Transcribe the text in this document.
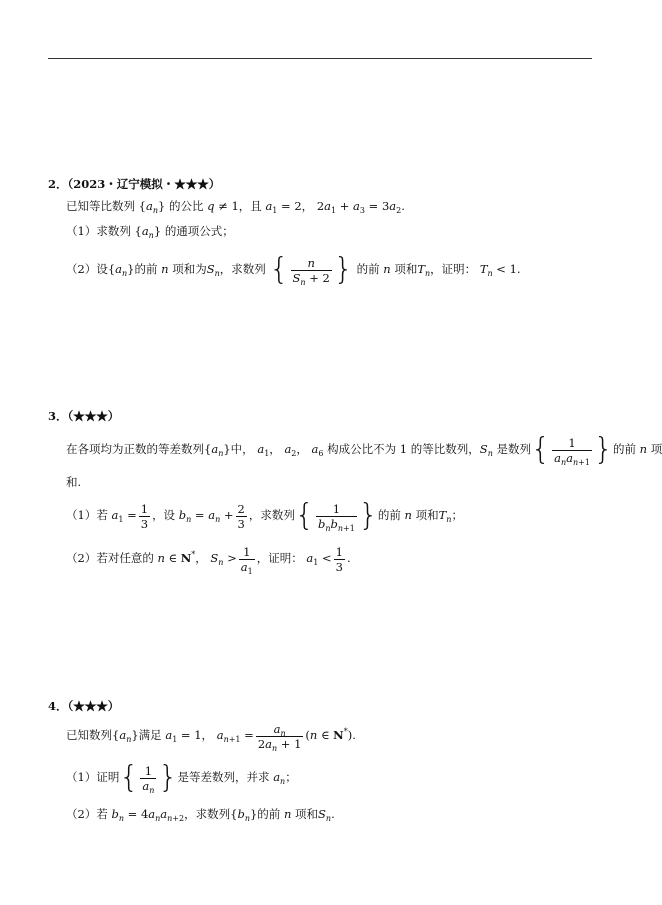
2．（2023・辽宁模拟・★★★）
已知等比数列 $\{a_n\}$ 的公比 q ≠ 1，且 $a_1 = 2$， $2a_1 + a_3 = 3a_2$.
（1）求数列 $\{a_n\}$ 的通项公式；
（2）设$\{a_n\}$的前 n 项和为$S_n$，求数列 { $\frac{n}{S_n + 2}$ } 的前 n 项和$T_n$，证明： $T_n < 1$.
3．（★★★）
在各项均为正数的等差数列$\{a_n\}$中， $a_1$， $a_2$， $a_6$ 构成公比不为 1 的等比数列，$S_n$ 是数列{ $\frac{1}{a_na_{n+1}}$ }的前 n 项
和.
（1）若 $a_1 = \frac{1}{3}$ ，设 $b_n = a_n + \frac{2}{3}$ ，求数列{ $\frac{1}{b_nb_{n+1}}$ }的前 n 项和$T_n$；
（2）若对任意的 n ∈ N*， $S_n > \frac{1}{a_1}$ ，证明： $a_1 < \frac{1}{3}$ .
4．（★★★）
已知数列$\{a_n\}$满足 $a_1 = 1$， $a_{n+1} = \frac{a_n}{2a_n + 1} (n$ ∈ N*).
（1）证明{ $\frac{1}{a_n}$ }是等差数列，并求 $a_n$；
（2）若 $b_n = 4a_na_{n+2}$，求数列$\{b_n\}$的前 n 项和$S_n$.
